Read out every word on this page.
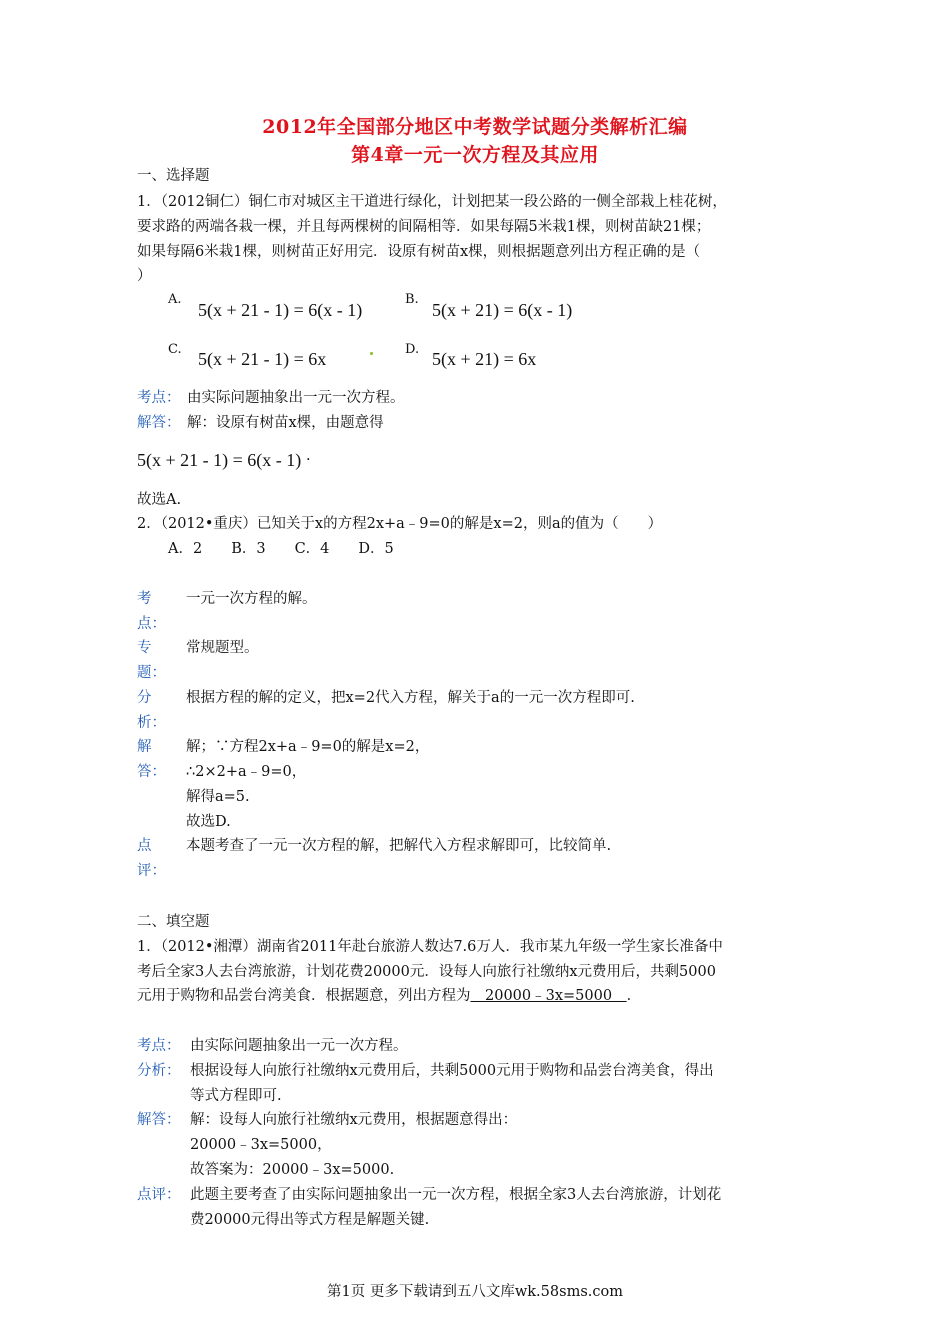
2012年全国部分地区中考数学试题分类解析汇编
第4章一元一次方程及其应用
一、选择题
1．（2012铜仁）铜仁市对城区主干道进行绿化，计划把某一段公路的一侧全部栽上桂花树，
要求路的两端各栽一棵，并且每两棵树的间隔相等．如果每隔5米栽1棵，则树苗缺21棵；
如果每隔6米栽1棵，则树苗正好用完．设原有树苗x棵，则根据题意列出方程正确的是（
）
A.
5(x + 21 - 1) = 6(x - 1)
B.
5(x + 21) = 6(x - 1)
C. 5(x + 21 - 1) = 6x	D. 5(x + 21) = 6x
考点： 由实际问题抽象出一元一次方程。
解答： 解：设原有树苗x棵，由题意得
5(x + 21 - 1) = 6(x - 1) .
故选A.
2．（2012•重庆）已知关于x的方程2x+a﹣9=0的解是x=2，则a的值为（　　）
A．2　　B．3　　C．4　　D．5
考 一元一次方程的解。
点：
专 常规题型。
题：
分 根据方程的解的定义，把x=2代入方程，解关于a的一元一次方程即可.
析：
解 解；∵方程2x+a﹣9=0的解是x=2，
答： ∴2×2+a﹣9=0，
解得a=5.
故选D.
点 本题考查了一元一次方程的解，把解代入方程求解即可，比较简单.
评：
二、填空题
1．（2012•湘潭）湖南省2011年赴台旅游人数达7.6万人．我市某九年级一学生家长准备中
考后全家3人去台湾旅游，计划花费20000元．设每人向旅行社缴纳x元费用后，共剩5000
元用于购物和品尝台湾美食．根据题意，列出方程为　20000﹣3x=5000　．
考点： 由实际问题抽象出一元一次方程。
分析： 根据设每人向旅行社缴纳x元费用后，共剩5000元用于购物和品尝台湾美食，得出
等式方程即可.
解答： 解：设每人向旅行社缴纳x元费用，根据题意得出：
20000﹣3x=5000，
故答案为：20000﹣3x=5000.
点评： 此题主要考查了由实际问题抽象出一元一次方程，根据全家3人去台湾旅游，计划花
费20000元得出等式方程是解题关键.
第1页 更多下载请到五八文库wk.58sms.com
